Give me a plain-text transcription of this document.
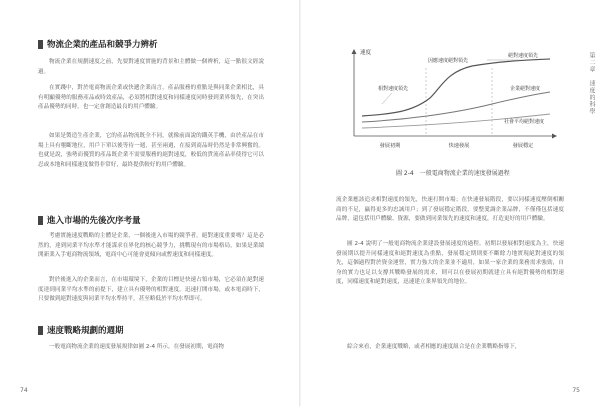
物流企業的產品和競爭力辨析
物流企業在規劃速度之前，先要對速度實施的背景和主體做一個辨析，這一點很文經說過。
在實踐中，對於電商物流企業或快遞企業而言，產品服務的重點是與同業企業相比，具有明顯優勢的服務產品或時效產品，必須將相對速度和同樣速度同時發到業界領先，在突出產品優勢的同時，也一定會創造最良的用戶體驗。
如果是製造生產企業，它的產品物流既全不同，就像前面說的鐵英手機，由於產品在市場上具有壟斷地位，用戶下單以後等待一週，甚至兩週，在接到商品時仍然是非常興奮的。也就是說，強勢而優質的產品既企業不需要服務的絕對速度，較低的貨流產品率使得它可以忍或本地和同樣速度做得非常好，最終提供較好的用戶體驗。
進入市場的先後次序考量
考慮實施速度戰略的主體是企業，一個後進入市場的競爭者，絕對速度重要嗎？這是必然的，達到同業平均水準才能謀求在界化的核心競爭力，挑戰現有的市場格局，如果是業績開新業入手電商物流領域，電商中心可能會更傾向或暫速度和同樣速度。
對於後進入的企業而言，在市場環境下，企業的目標是快速占領市場，它必須在絕對速度達到同業平均水準的前提下，建立具有優勢的相對速度。迅速打開市場，或本電商時下，只要做到絕對速度與同業平均水準持平，甚至略低於平均水準即可。
速度戰略規劃的週期
一般電商物流企業的速度發展規律如圖 2-4 所示，在發展初期，電商物
74
第二章　速度的科學
速度	絕對速度領先
企業絕對速度
社會平均絕對速度
因應速度絕對領先
相對速度領先
發展初期	快速發展	發展穩定
圖 2-4　一般電商物流企業的速度發展過程
流企業應該追求相對速度的領先，快速打開市場；在快速發展階段，要以同樣速度壓倒相關商的不足，贏得更多的忠誠用戶；到了發展穩定階段，要整愛調企業品牌，不僅僅包括速度品牌，還包括用戶體驗、資源，要做到同業領先的速度和速度，打造更好的用戶體驗。
圖 2-4 說明了一般電商物流企業建設發展速度的過程。初期以發展相對速度為主，快速發展期以提升同樣速度和絕對速度為重點，發展穩定期則要不斷餘力地實現絕對速度的領先，這個過程對於資金運營，實力強大的企業並不適用，如果一家企業的業務需求強勁，自身的實力也足以支撐其戰略發展的需求，則可以在發展初期就建立具有絕對優勢的相對速度，同樣速度和絕對速度，迅速建立業界領先的地位。
綜合來看，企業速度戰略，或者相應的速度組合是在企業戰略指導下，
75
